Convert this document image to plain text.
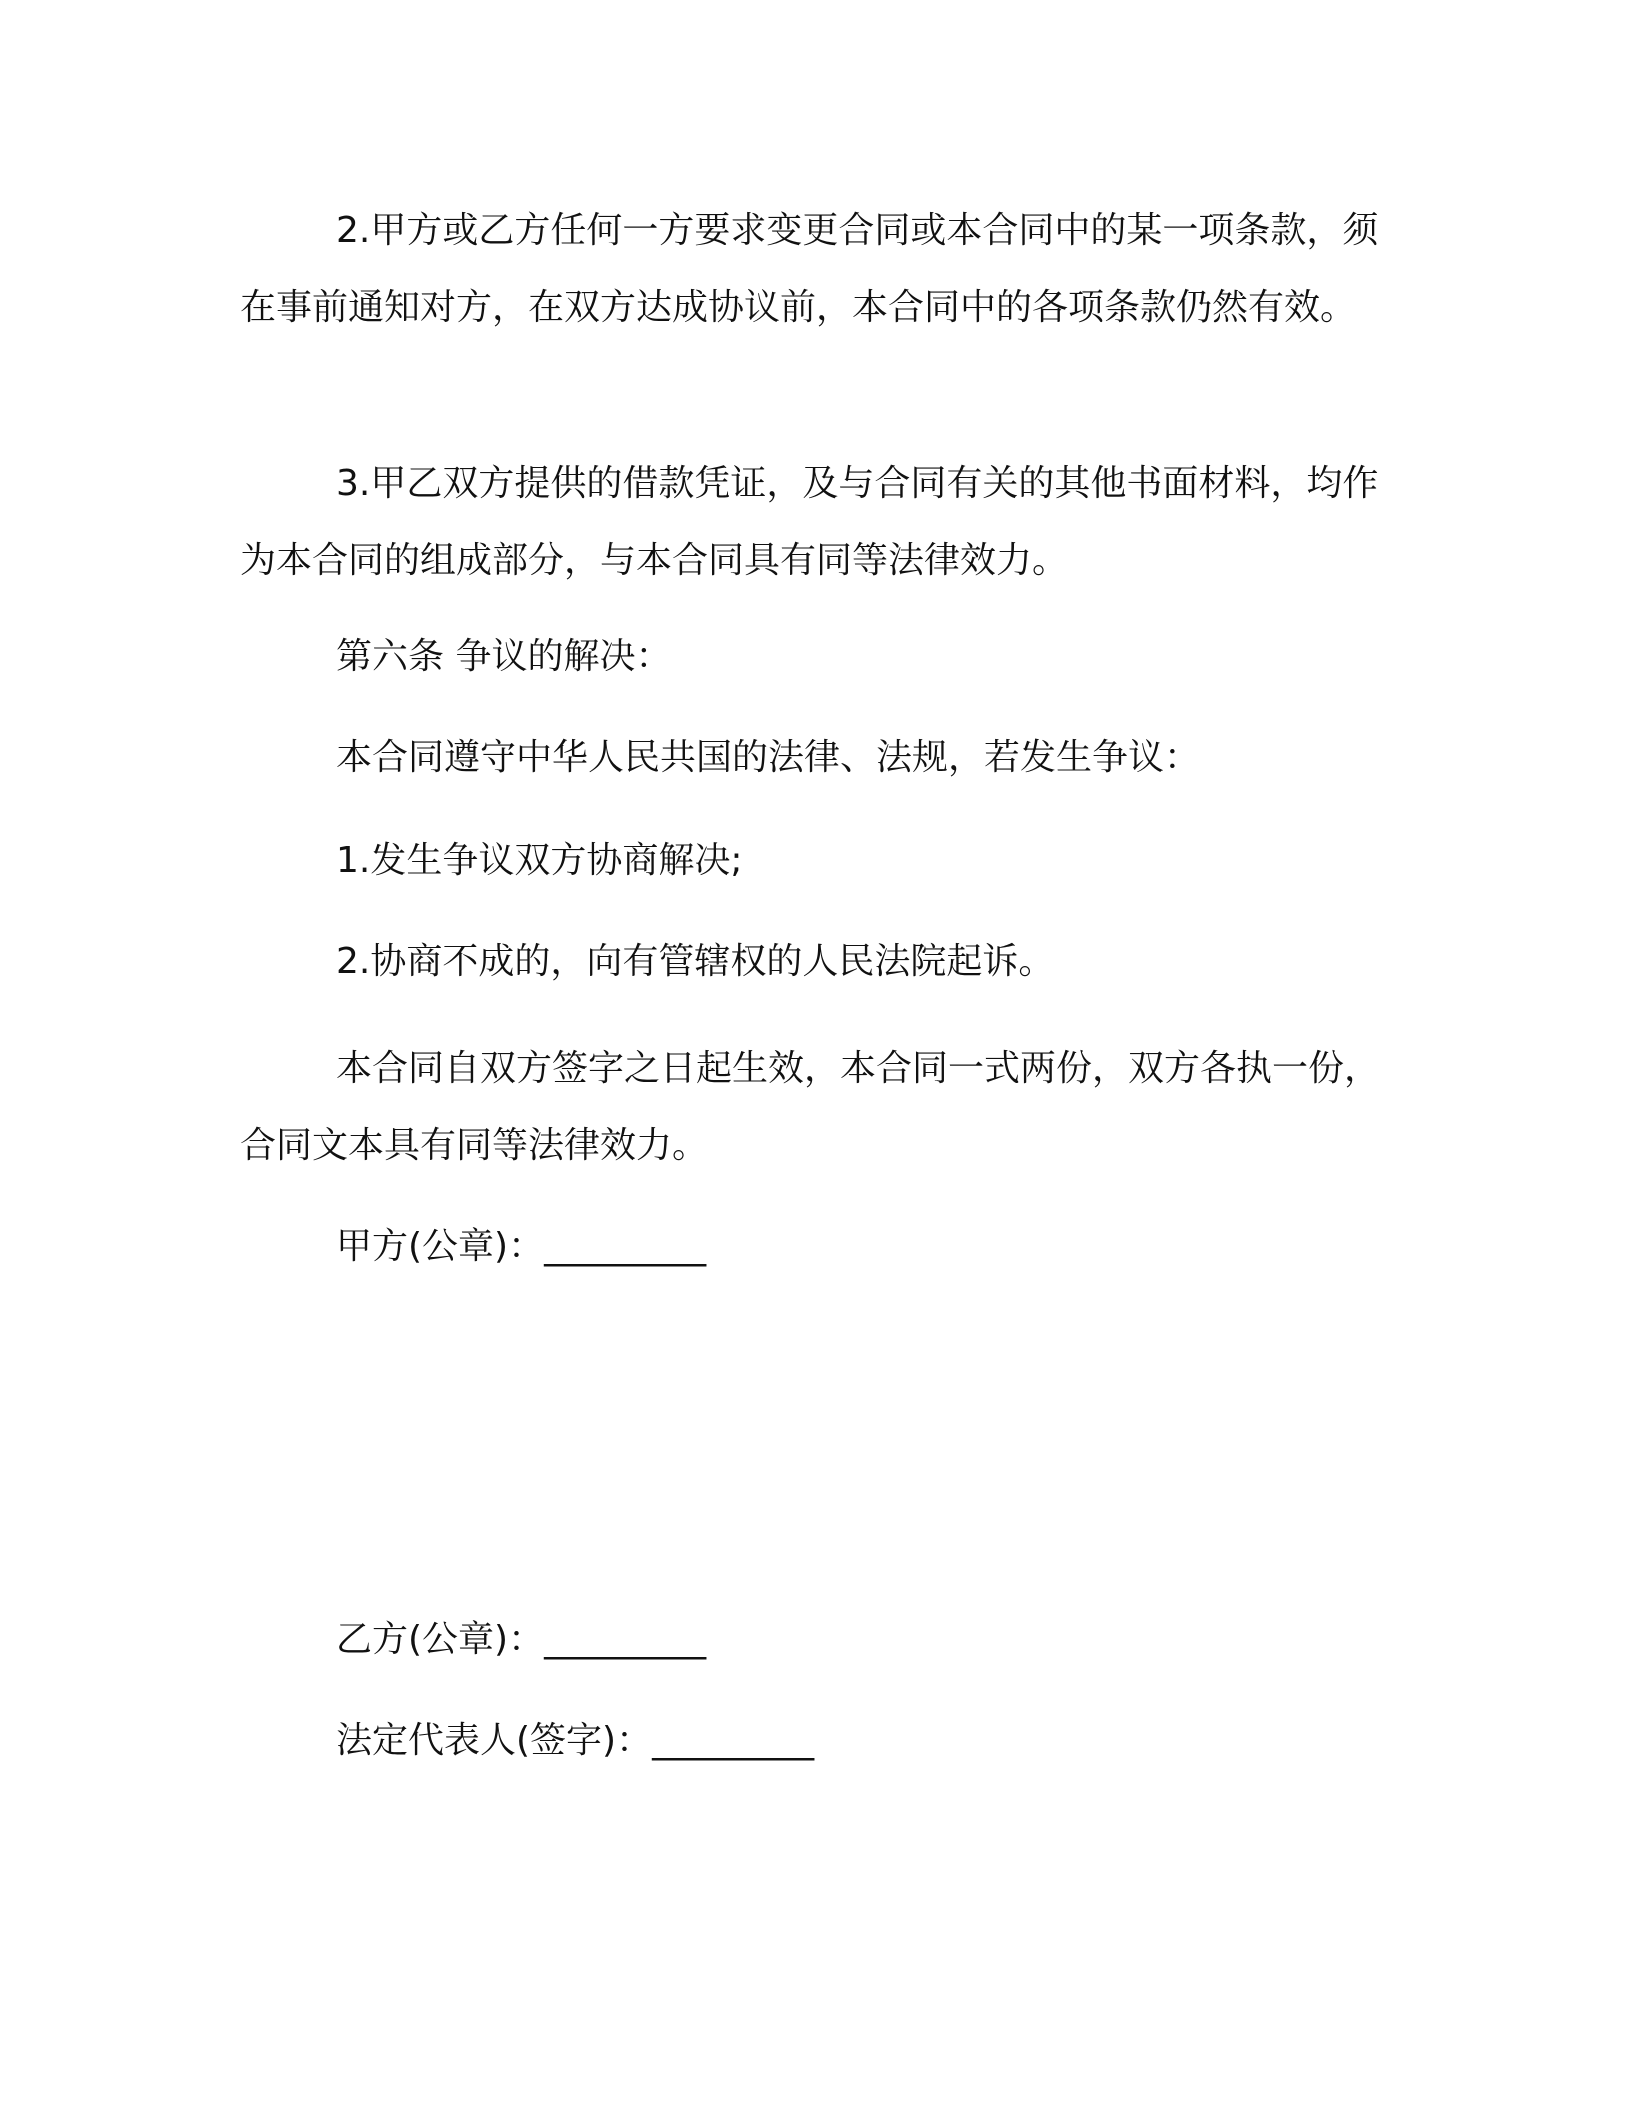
2.甲方或乙方任何一方要求变更合同或本合同中的某一项条款，须在事前通知对方，在双方达成协议前，本合同中的各项条款仍然有效。

3.甲乙双方提供的借款凭证，及与合同有关的其他书面材料，均作为本合同的组成部分，与本合同具有同等法律效力。

第六条 争议的解决：

本合同遵守中华人民共国的法律、法规，若发生争议：

1.发生争议双方协商解决;

2.协商不成的，向有管辖权的人民法院起诉。

本合同自双方签字之日起生效，本合同一式两份，双方各执一份，合同文本具有同等法律效力。

甲方(公章)：_________

乙方(公章)：_________

法定代表人(签字)：_________
